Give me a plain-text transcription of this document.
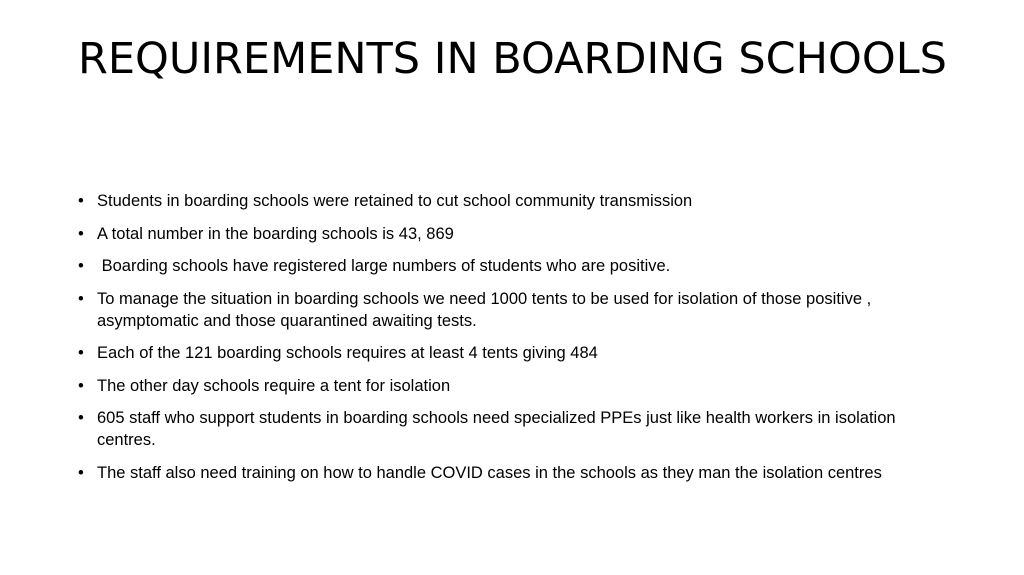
REQUIREMENTS IN BOARDING SCHOOLS
• Students in boarding schools were retained to cut school community transmission
• A total number in the boarding schools is 43, 869
• Boarding schools have registered large numbers of students who are positive.
• To manage the situation in boarding schools we need 1000 tents to be used for isolation of those positive , asymptomatic and those quarantined awaiting tests.
• Each of the 121 boarding schools requires at least 4 tents giving 484
• The other day schools require a tent for isolation
• 605 staff who support students in boarding schools need specialized PPEs just like health workers in isolation centres.
• The staff also need training on how to handle COVID cases in the schools as they man the isolation centres
